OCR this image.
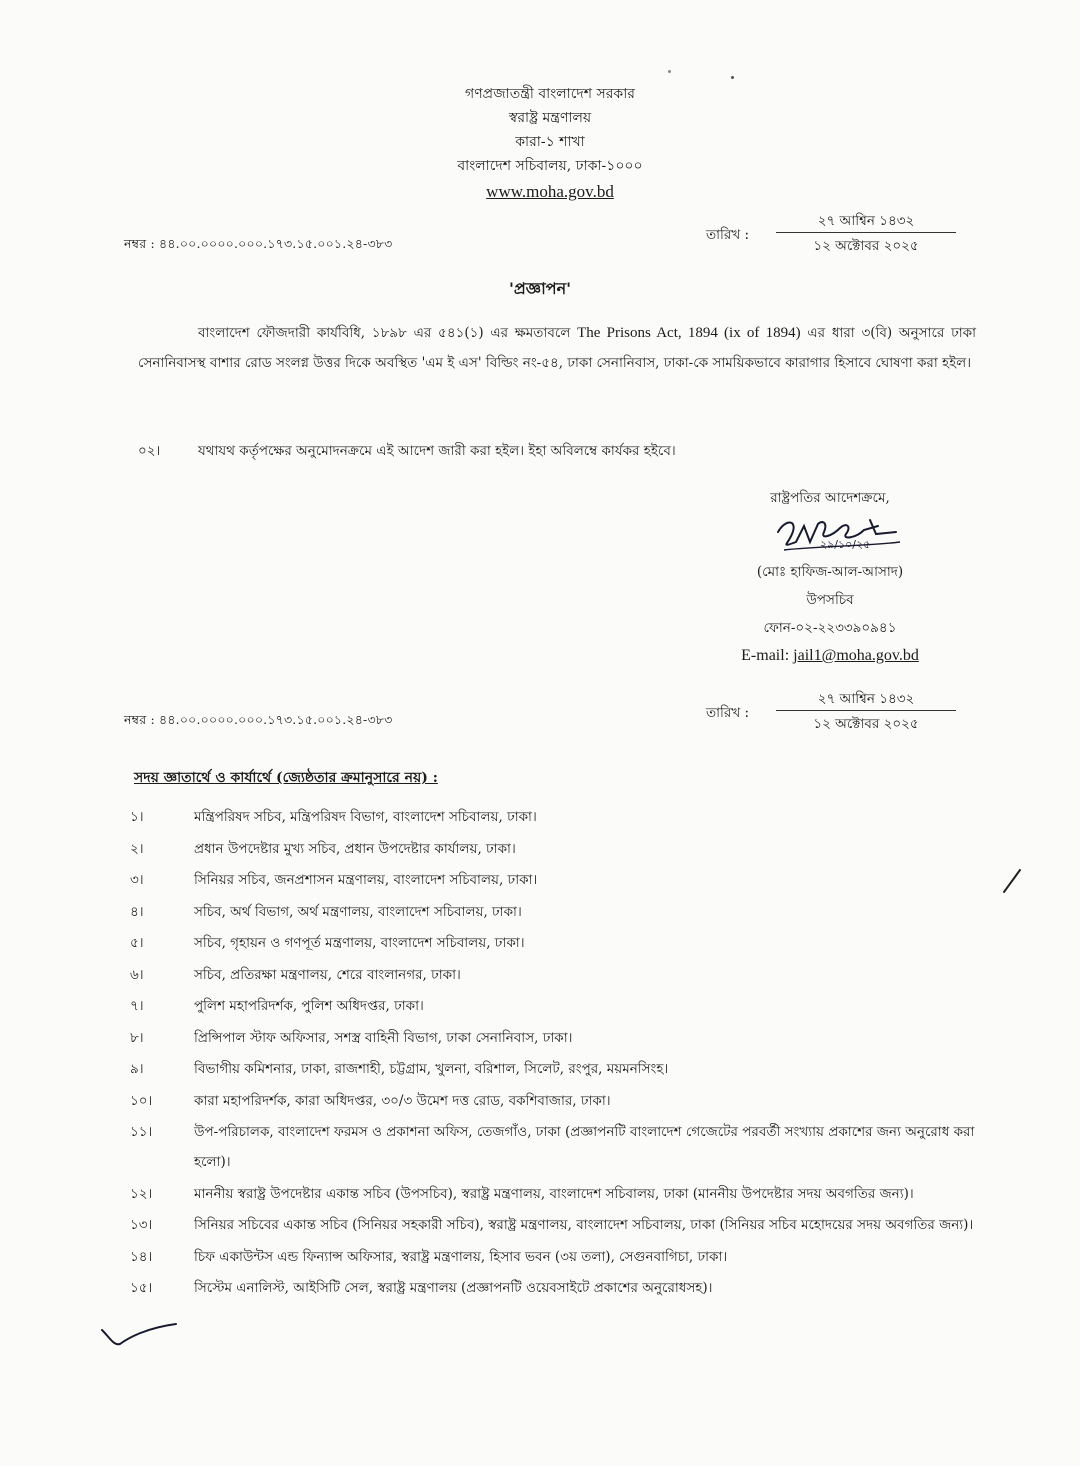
গণপ্রজাতন্ত্রী বাংলাদেশ সরকার
স্বরাষ্ট্র মন্ত্রণালয়
কারা-১ শাখা
বাংলাদেশ সচিবালয়, ঢাকা-১০০০
www.moha.gov.bd
নম্বর : ৪৪.০০.০০০০.০০০.১৭৩.১৫.০০১.২৪-৩৮৩
তারিখ :
২৭ আশ্বিন ১৪৩২
১২ অক্টোবর ২০২৫
'প্রজ্ঞাপন'
বাংলাদেশ ফৌজদারী কার্যবিধি, ১৮৯৮ এর ৫৪১(১) এর ক্ষমতাবলে The Prisons Act, 1894 (ix of 1894) এর ধারা ৩(বি) অনুসারে ঢাকা সেনানিবাসস্থ বাশার রোড সংলগ্ন উত্তর দিকে অবস্থিত 'এম ই এস' বিল্ডিং নং-৫৪, ঢাকা সেনানিবাস, ঢাকা-কে সাময়িকভাবে কারাগার হিসাবে ঘোষণা করা হইল।
০২।	যথাযথ কর্তৃপক্ষের অনুমোদনক্রমে এই আদেশ জারী করা হইল। ইহা অবিলম্বে কার্যকর হইবে।
রাষ্ট্রপতির আদেশক্রমে,
২৯/১০/২৫
(মোঃ হাফিজ-আল-আসাদ)
উপসচিব
ফোন-০২-২২৩৩৯০৯৪১
E-mail: jail1@moha.gov.bd
নম্বর : ৪৪.০০.০০০০.০০০.১৭৩.১৫.০০১.২৪-৩৮৩	তারিখ :
২৭ আশ্বিন ১৪৩২
১২ অক্টোবর ২০২৫
সদয় জ্ঞাতার্থে ও কার্যার্থে (জ্যেষ্ঠতার ক্রমানুসারে নয়) :
১।	মন্ত্রিপরিষদ সচিব, মন্ত্রিপরিষদ বিভাগ, বাংলাদেশ সচিবালয়, ঢাকা।
২।	প্রধান উপদেষ্টার মুখ্য সচিব, প্রধান উপদেষ্টার কার্যালয়, ঢাকা।
৩।	সিনিয়র সচিব, জনপ্রশাসন মন্ত্রণালয়, বাংলাদেশ সচিবালয়, ঢাকা।
৪।	সচিব, অর্থ বিভাগ, অর্থ মন্ত্রণালয়, বাংলাদেশ সচিবালয়, ঢাকা।
৫।	সচিব, গৃহায়ন ও গণপূর্ত মন্ত্রণালয়, বাংলাদেশ সচিবালয়, ঢাকা।
৬।	সচিব, প্রতিরক্ষা মন্ত্রণালয়, শেরে বাংলানগর, ঢাকা।
৭।	পুলিশ মহাপরিদর্শক, পুলিশ অধিদপ্তর, ঢাকা।
৮।	প্রিন্সিপাল স্টাফ অফিসার, সশস্ত্র বাহিনী বিভাগ, ঢাকা সেনানিবাস, ঢাকা।
৯।	বিভাগীয় কমিশনার, ঢাকা, রাজশাহী, চট্টগ্রাম, খুলনা, বরিশাল, সিলেট, রংপুর, ময়মনসিংহ।
১০।	কারা মহাপরিদর্শক, কারা অধিদপ্তর, ৩০/৩ উমেশ দত্ত রোড, বকশিবাজার, ঢাকা।
১১।	উপ-পরিচালক, বাংলাদেশ ফরমস ও প্রকাশনা অফিস, তেজগাঁও, ঢাকা (প্রজ্ঞাপনটি বাংলাদেশ গেজেটের পরবর্তী সংখ্যায় প্রকাশের জন্য অনুরোধ করা হলো)।
১২।	মাননীয় স্বরাষ্ট্র উপদেষ্টার একান্ত সচিব (উপসচিব), স্বরাষ্ট্র মন্ত্রণালয়, বাংলাদেশ সচিবালয়, ঢাকা (মাননীয় উপদেষ্টার সদয় অবগতির জন্য)।
১৩।	সিনিয়র সচিবের একান্ত সচিব (সিনিয়র সহকারী সচিব), স্বরাষ্ট্র মন্ত্রণালয়, বাংলাদেশ সচিবালয়, ঢাকা (সিনিয়র সচিব মহোদয়ের সদয় অবগতির জন্য)।
১৪।	চিফ একাউন্টস এন্ড ফিন্যান্স অফিসার, স্বরাষ্ট্র মন্ত্রণালয়, হিসাব ভবন (৩য় তলা), সেগুনবাগিচা, ঢাকা।
১৫।	সিস্টেম এনালিস্ট, আইসিটি সেল, স্বরাষ্ট্র মন্ত্রণালয় (প্রজ্ঞাপনটি ওয়েবসাইটে প্রকাশের অনুরোধসহ)।
